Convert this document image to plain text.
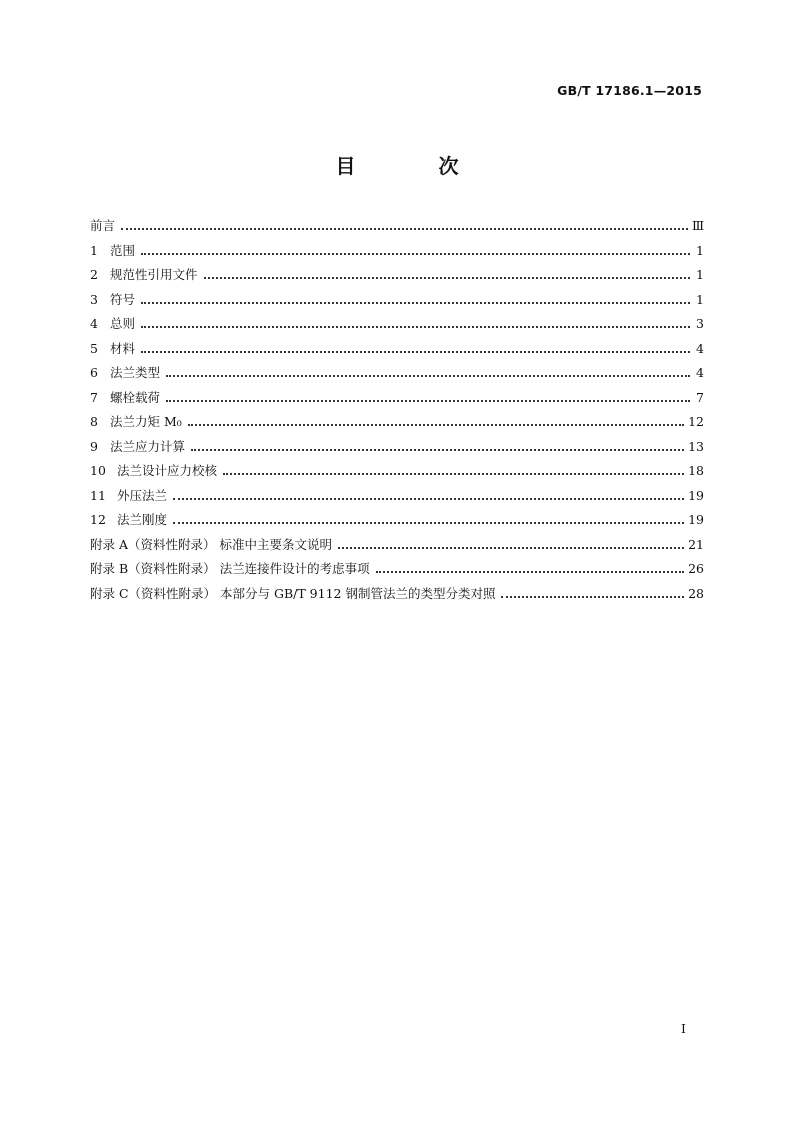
GB/T 17186.1—2015
目 次
前言	Ⅲ
1 范围	1
2 规范性引用文件	1
3 符号	1
4 总则	3
5 材料	4
6 法兰类型	4
7 螺栓载荷	7
8 法兰力矩 M₀	12
9 法兰应力计算	13
10 法兰设计应力校核	18
11 外压法兰	19
12 法兰刚度	19
附录 A（资料性附录） 标准中主要条文说明	21
附录 B（资料性附录） 法兰连接件设计的考虑事项	26
附录 C（资料性附录） 本部分与 GB/T 9112 钢制管法兰的类型分类对照	28
I
